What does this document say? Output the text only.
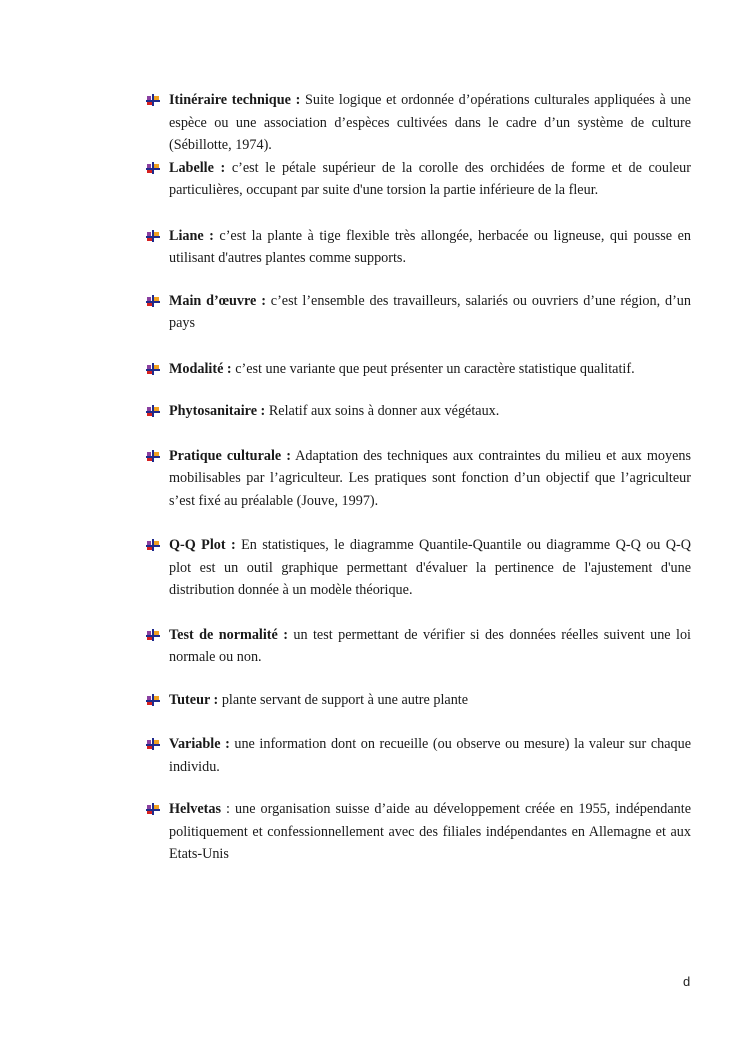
Itinéraire technique : Suite logique et ordonnée d’opérations culturales appliquées à une espèce ou une association d’espèces cultivées dans le cadre d’un système de culture (Sébillotte, 1974).
Labelle : c’est le pétale supérieur de la corolle des orchidées de forme et de couleur particulières, occupant par suite d'une torsion la partie inférieure de la fleur.
Liane : c’est la plante à tige flexible très allongée, herbacée ou ligneuse, qui pousse en utilisant d'autres plantes comme supports.
Main d’œuvre : c’est l’ensemble des travailleurs, salariés ou ouvriers d’une région, d’un pays
Modalité : c’est une variante que peut présenter un caractère statistique qualitatif.
Phytosanitaire : Relatif aux soins à donner aux végétaux.
Pratique culturale : Adaptation des techniques aux contraintes du milieu et aux moyens mobilisables par l’agriculteur. Les pratiques sont fonction d’un objectif que l’agriculteur s’est fixé au préalable (Jouve, 1997).
Q-Q Plot : En statistiques, le diagramme Quantile-Quantile ou diagramme Q-Q ou Q-Q plot est un outil graphique permettant d'évaluer la pertinence de l'ajustement d'une distribution donnée à un modèle théorique.
Test de normalité : un test permettant de vérifier si des données réelles suivent une loi normale ou non.
Tuteur : plante servant de support à une autre plante
Variable : une information dont on recueille (ou observe ou mesure) la valeur sur chaque individu.
Helvetas : une organisation suisse d’aide au développement créée en 1955, indépendante politiquement et confessionnellement avec des filiales indépendantes en Allemagne et aux Etats-Unis
d
